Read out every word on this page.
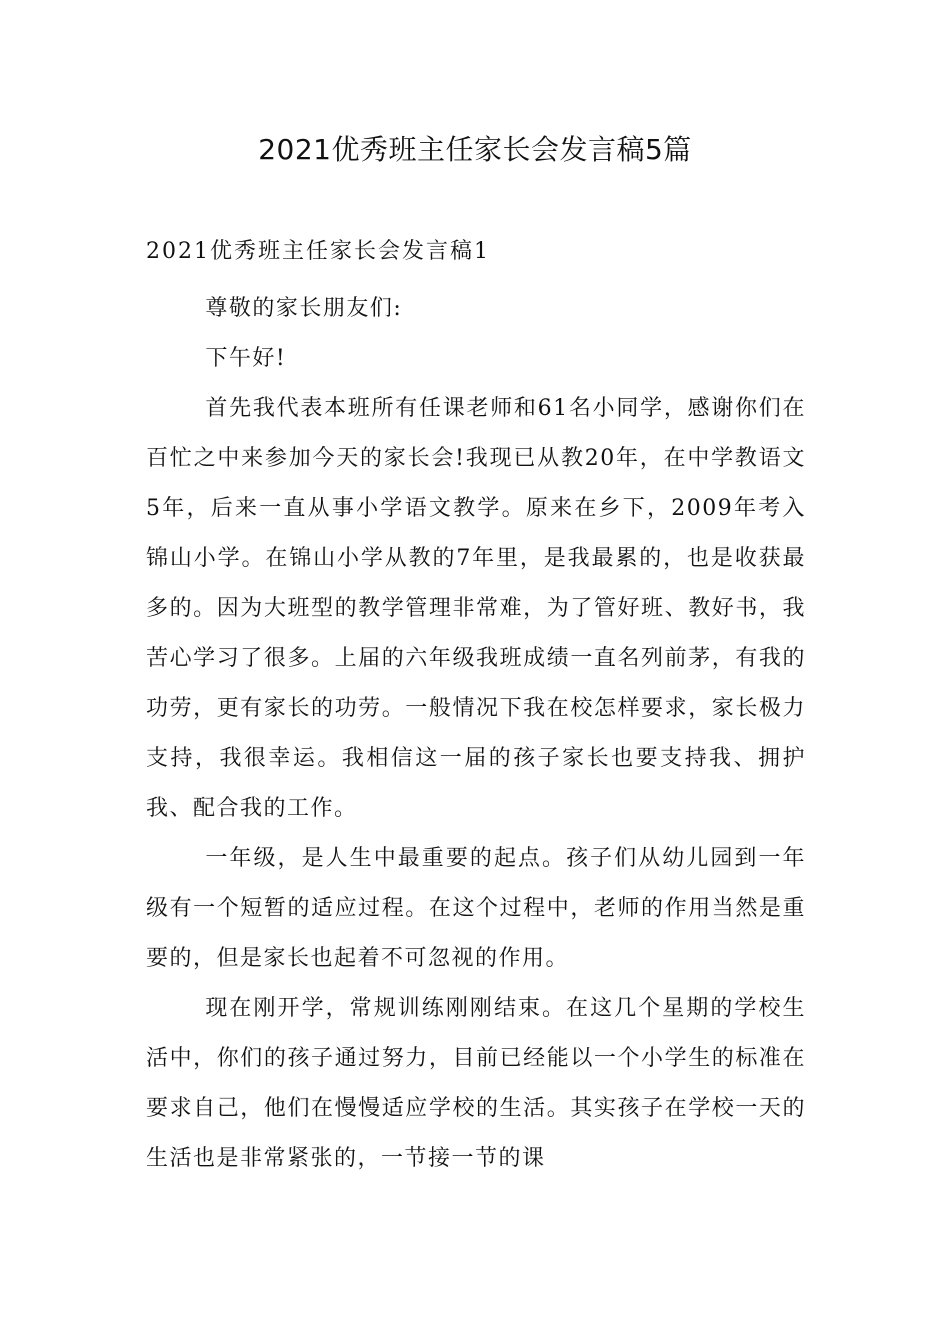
2021优秀班主任家长会发言稿5篇
2021优秀班主任家长会发言稿1

尊敬的家长朋友们:

下午好!

首先我代表本班所有任课老师和61名小同学，感谢你们在百忙之中来参加今天的家长会!我现已从教20年，在中学教语文5年，后来一直从事小学语文教学。原来在乡下，2009年考入锦山小学。在锦山小学从教的7年里，是我最累的，也是收获最多的。因为大班型的教学管理非常难，为了管好班、教好书，我苦心学习了很多。上届的六年级我班成绩一直名列前茅，有我的功劳，更有家长的功劳。一般情况下我在校怎样要求，家长极力支持，我很幸运。我相信这一届的孩子家长也要支持我、拥护我、配合我的工作。

一年级，是人生中最重要的起点。孩子们从幼儿园到一年级有一个短暂的适应过程。在这个过程中，老师的作用当然是重要的，但是家长也起着不可忽视的作用。

现在刚开学，常规训练刚刚结束。在这几个星期的学校生活中，你们的孩子通过努力，目前已经能以一个小学生的标准在要求自己，他们在慢慢适应学校的生活。其实孩子在学校一天的生活也是非常紧张的，一节接一节的课
